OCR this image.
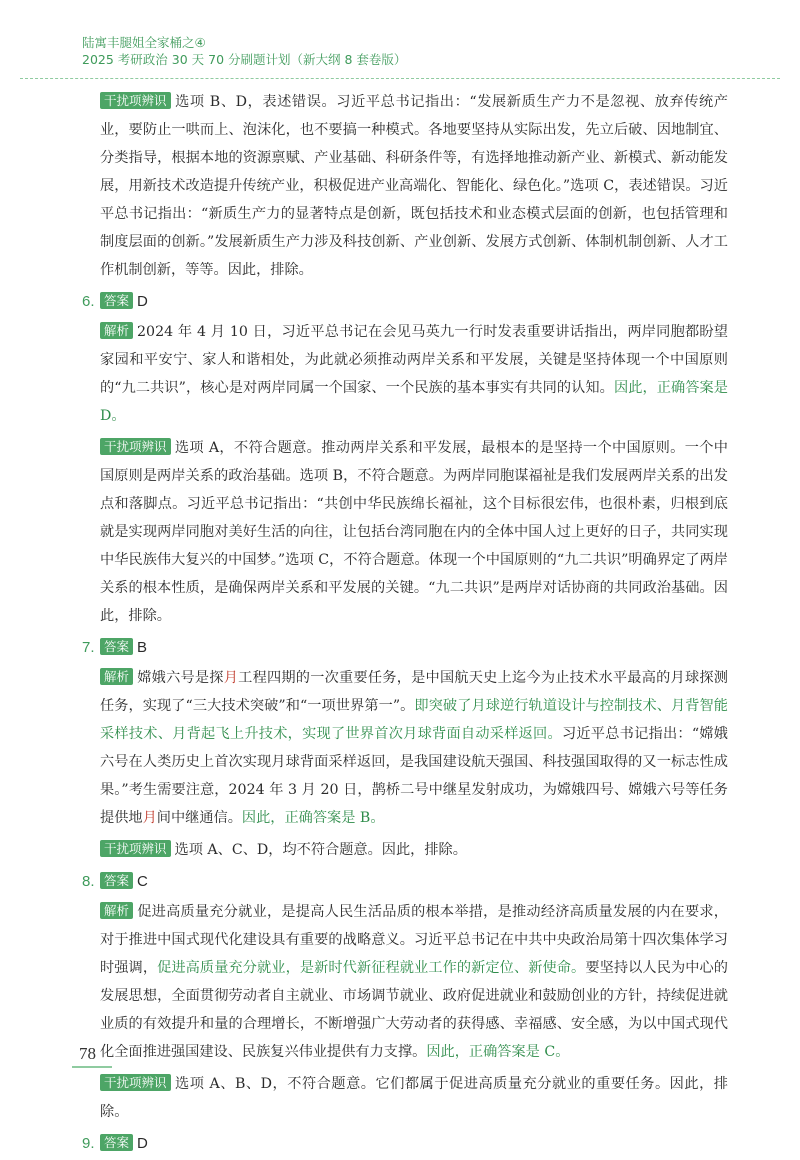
陆寓丰腿姐全家桶之④
2025 考研政治 30 天 70 分刷题计划（新大纲 8 套卷版）

干扰项辨识 选项 B、D，表述错误。习近平总书记指出：“发展新质生产力不是忽视、放弃传统产业，要防止一哄而上、泡沫化，也不要搞一种模式。各地要坚持从实际出发，先立后破、因地制宜、分类指导，根据本地的资源禀赋、产业基础、科研条件等，有选择地推动新产业、新模式、新动能发展，用新技术改造提升传统产业，积极促进产业高端化、智能化、绿色化。”选项 C，表述错误。习近平总书记指出：“新质生产力的显著特点是创新，既包括技术和业态模式层面的创新，也包括管理和制度层面的创新。”发展新质生产力涉及科技创新、产业创新、发展方式创新、体制机制创新、人才工作机制创新，等等。因此，排除。

6. 答案 D

解析 2024 年 4 月 10 日，习近平总书记在会见马英九一行时发表重要讲话指出，两岸同胞都盼望家园和平安宁、家人和谐相处，为此就必须推动两岸关系和平发展，关键是坚持体现一个中国原则的“九二共识”，核心是对两岸同属一个国家、一个民族的基本事实有共同的认知。因此，正确答案是 D。

干扰项辨识 选项 A，不符合题意。推动两岸关系和平发展，最根本的是坚持一个中国原则。一个中国原则是两岸关系的政治基础。选项 B，不符合题意。为两岸同胞谋福祉是我们发展两岸关系的出发点和落脚点。习近平总书记指出：“共创中华民族绵长福祉，这个目标很宏伟，也很朴素，归根到底就是实现两岸同胞对美好生活的向往，让包括台湾同胞在内的全体中国人过上更好的日子，共同实现中华民族伟大复兴的中国梦。”选项 C，不符合题意。体现一个中国原则的“九二共识”明确界定了两岸关系的根本性质，是确保两岸关系和平发展的关键。“九二共识”是两岸对话协商的共同政治基础。因此，排除。

7. 答案 B

解析 嫦娥六号是探月工程四期的一次重要任务，是中国航天史上迄今为止技术水平最高的月球探测任务，实现了“三大技术突破”和“一项世界第一”。即突破了月球逆行轨道设计与控制技术、月背智能采样技术、月背起飞上升技术，实现了世界首次月球背面自动采样返回。习近平总书记指出：“嫦娥六号在人类历史上首次实现月球背面采样返回，是我国建设航天强国、科技强国取得的又一标志性成果。”考生需要注意，2024 年 3 月 20 日，鹊桥二号中继星发射成功，为嫦娥四号、嫦娥六号等任务提供地月间中继通信。因此，正确答案是 B。

干扰项辨识 选项 A、C、D，均不符合题意。因此，排除。

8. 答案 C

解析 促进高质量充分就业，是提高人民生活品质的根本举措，是推动经济高质量发展的内在要求，对于推进中国式现代化建设具有重要的战略意义。习近平总书记在中共中央政治局第十四次集体学习时强调，促进高质量充分就业，是新时代新征程就业工作的新定位、新使命。要坚持以人民为中心的发展思想，全面贯彻劳动者自主就业、市场调节就业、政府促进就业和鼓励创业的方针，持续促进就业质的有效提升和量的合理增长，不断增强广大劳动者的获得感、幸福感、安全感，为以中国式现代化全面推进强国建设、民族复兴伟业提供有力支撑。因此，正确答案是 C。

干扰项辨识 选项 A、B、D，不符合题意。它们都属于促进高质量充分就业的重要任务。因此，排除。

9. 答案 D
78
